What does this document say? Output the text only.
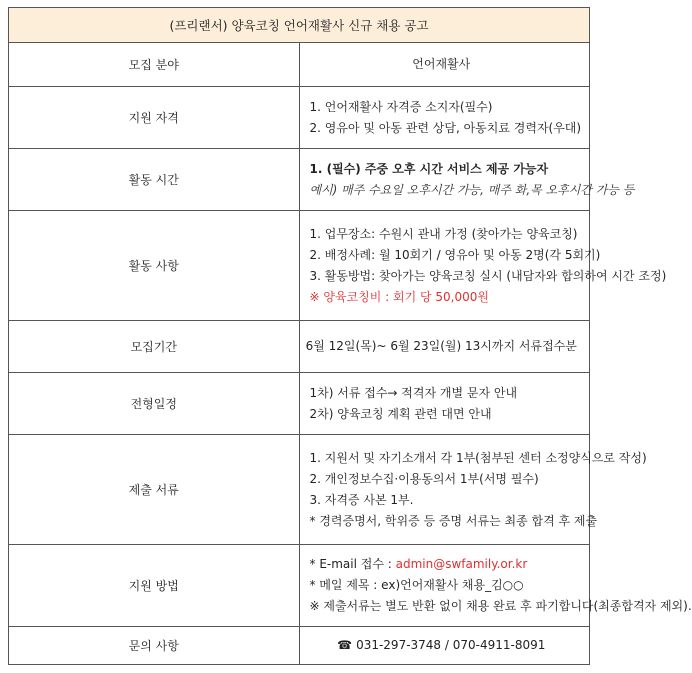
(프리랜서) 양육코칭 언어재활사 신규 채용 공고	
모집 분야	언어재활사
지원 자격	1. 언어재활사 자격증 소지자(필수)
2. 영유아 및 아동 관련 상담, 아동치료 경력자(우대)

활동 시간	1. (필수) 주중 오후 시간 서비스 제공 가능자
예시) 매주 수요일 오후시간 가능, 매주 화,목 오후시간 가능 등

활동 사항	1. 업무장소: 수원시 관내 가정 (찾아가는 양육코칭)
2. 배정사례: 월 10회기 / 영유아 및 아동 2명(각 5회기)
3. 활동방법: 찾아가는 양육코칭 실시 (내담자와 합의하여 시간 조정)
※ 양육코칭비 : 회기 당 50,000원

모집기간	6월 12일(목)~ 6월 23일(월) 13시까지 서류접수분
전형일정	1차) 서류 접수→ 적격자 개별 문자 안내
2차) 양육코칭 계획 관련 대면 안내

제출 서류	1. 지원서 및 자기소개서 각 1부(첨부된 센터 소정양식으로 작성)
2. 개인정보수집·이용동의서 1부(서명 필수)
3. 자격증 사본 1부.
* 경력증명서, 학위증 등 증명 서류는 최종 합격 후 제출

지원 방법	* E-mail 접수 : admin@swfamily.or.kr
* 메일 제목 : ex)언어재활사 채용_김○○
※ 제출서류는 별도 반환 없이 채용 완료 후 파기합니다(최종합격자 제외).

문의 사항	☎ 031-297-3748 / 070-4911-8091
